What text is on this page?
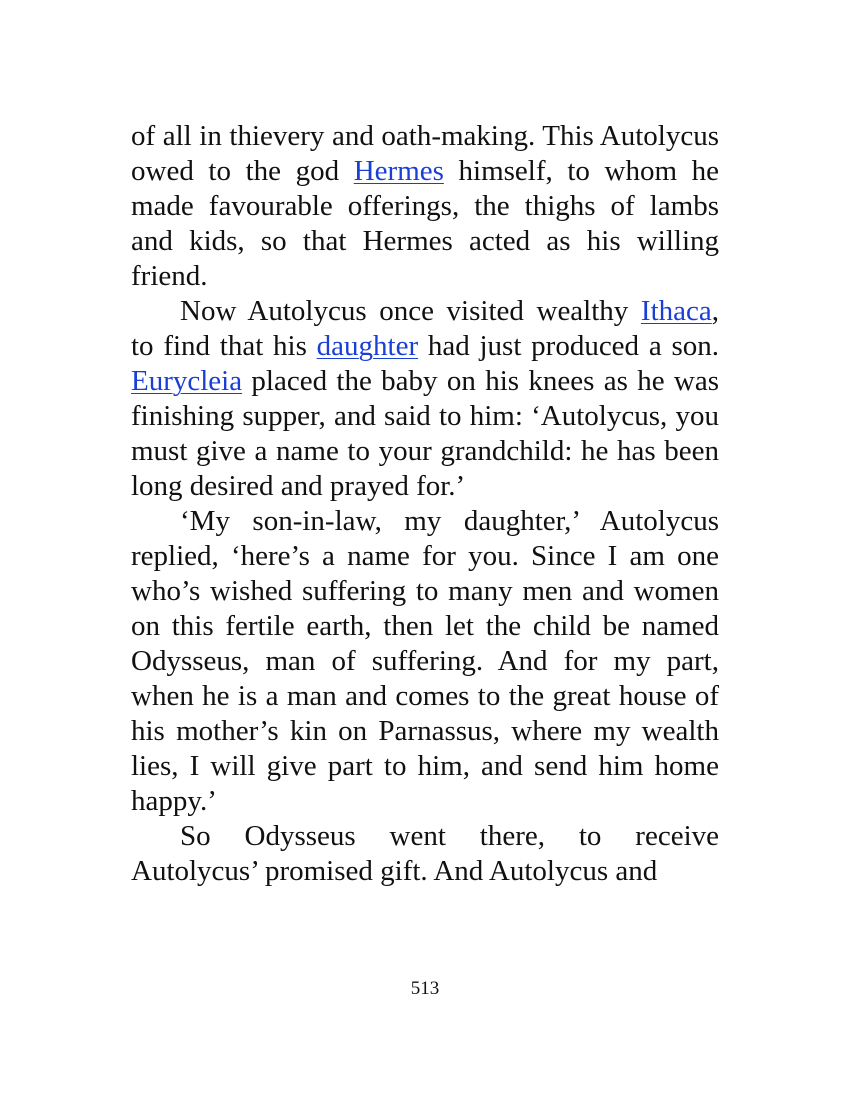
of all in thievery and oath-making. This Autolycus owed to the god Hermes himself, to whom he made favourable offerings, the thighs of lambs and kids, so that Hermes acted as his willing friend.

Now Autolycus once visited wealthy Ithaca, to find that his daughter had just produced a son. Eurycleia placed the baby on his knees as he was finishing supper, and said to him: ‘Autolycus, you must give a name to your grandchild: he has been long desired and prayed for.’

‘My son-in-law, my daughter,’ Autolycus replied, ‘here’s a name for you. Since I am one who’s wished suffering to many men and women on this fertile earth, then let the child be named Odysseus, man of suffering. And for my part, when he is a man and comes to the great house of his mother’s kin on Parnassus, where my wealth lies, I will give part to him, and send him home happy.’

So Odysseus went there, to receive Autolycus’ promised gift. And Autolycus and

513
